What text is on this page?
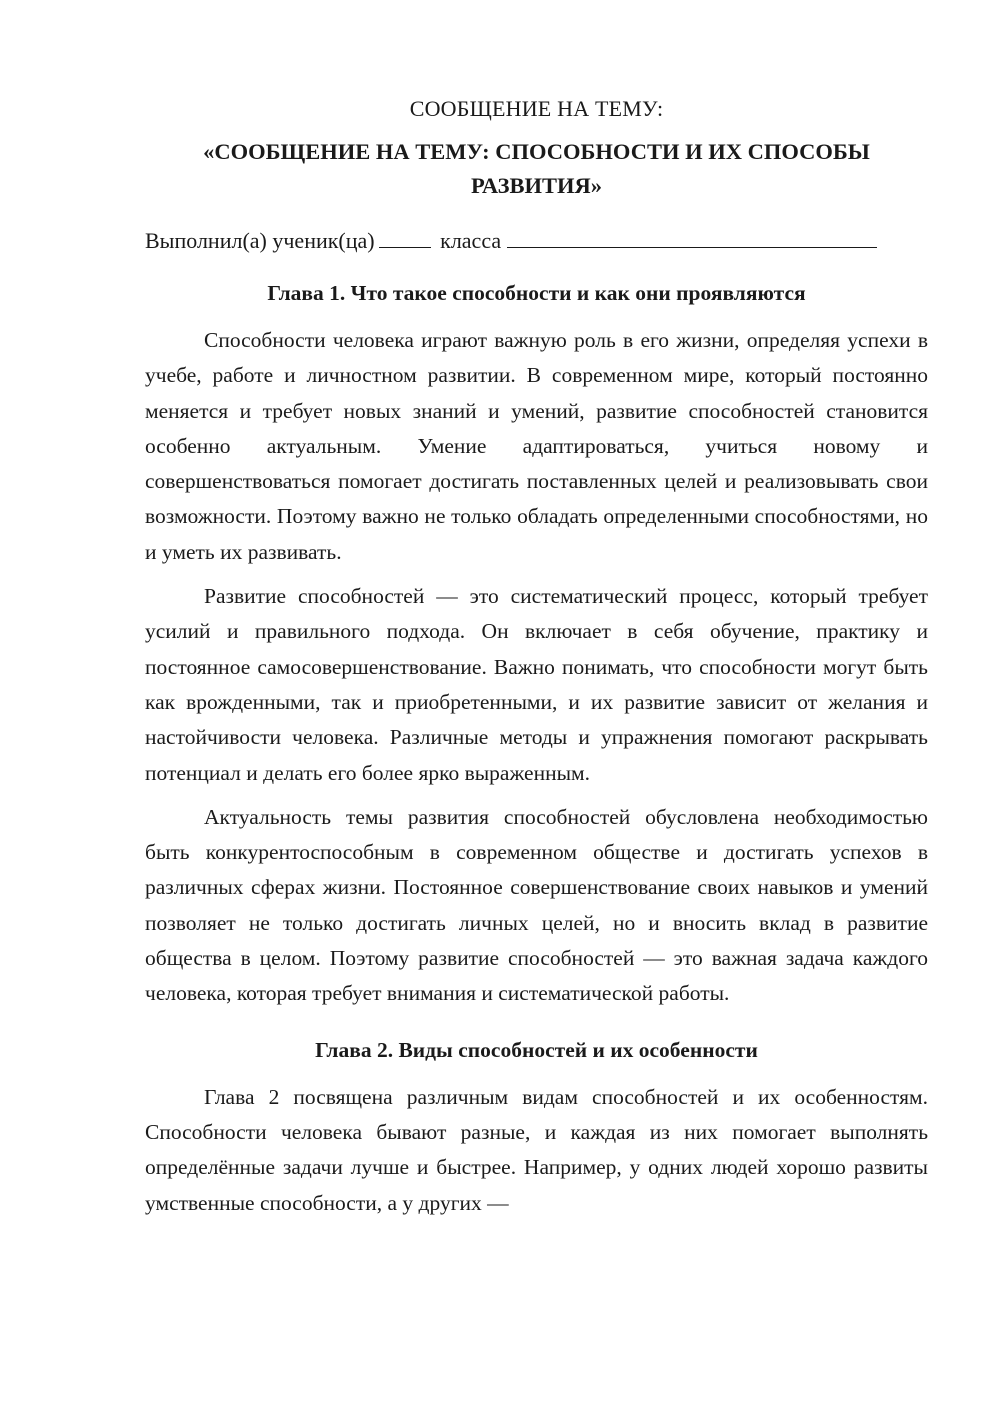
СООБЩЕНИЕ НА ТЕМУ:
«СООБЩЕНИЕ НА ТЕМУ: СПОСОБНОСТИ И ИХ СПОСОБЫ РАЗВИТИЯ»
Выполнил(а) ученик(ца)	класса
Глава 1. Что такое способности и как они проявляются

Способности человека играют важную роль в его жизни, определяя успехи в учебе, работе и личностном развитии. В современном мире, который постоянно меняется и требует новых знаний и умений, развитие способностей становится особенно актуальным. Умение адаптироваться, учиться новому и совершенствоваться помогает достигать поставленных целей и реализовывать свои возможности. Поэтому важно не только обладать определенными способностями, но и уметь их развивать.

Развитие способностей — это систематический процесс, который требует усилий и правильного подхода. Он включает в себя обучение, практику и постоянное самосовершенствование. Важно понимать, что способности могут быть как врожденными, так и приобретенными, и их развитие зависит от желания и настойчивости человека. Различные методы и упражнения помогают раскрывать потенциал и делать его более ярко выраженным.

Актуальность темы развития способностей обусловлена необходимостью быть конкурентоспособным в современном обществе и достигать успехов в различных сферах жизни. Постоянное совершенствование своих навыков и умений позволяет не только достигать личных целей, но и вносить вклад в развитие общества в целом. Поэтому развитие способностей — это важная задача каждого человека, которая требует внимания и систематической работы.

Глава 2. Виды способностей и их особенности

Глава 2 посвящена различным видам способностей и их особенностям. Способности человека бывают разные, и каждая из них помогает выполнять определённые задачи лучше и быстрее. Например, у одних людей хорошо развиты умственные способности, а у других —
